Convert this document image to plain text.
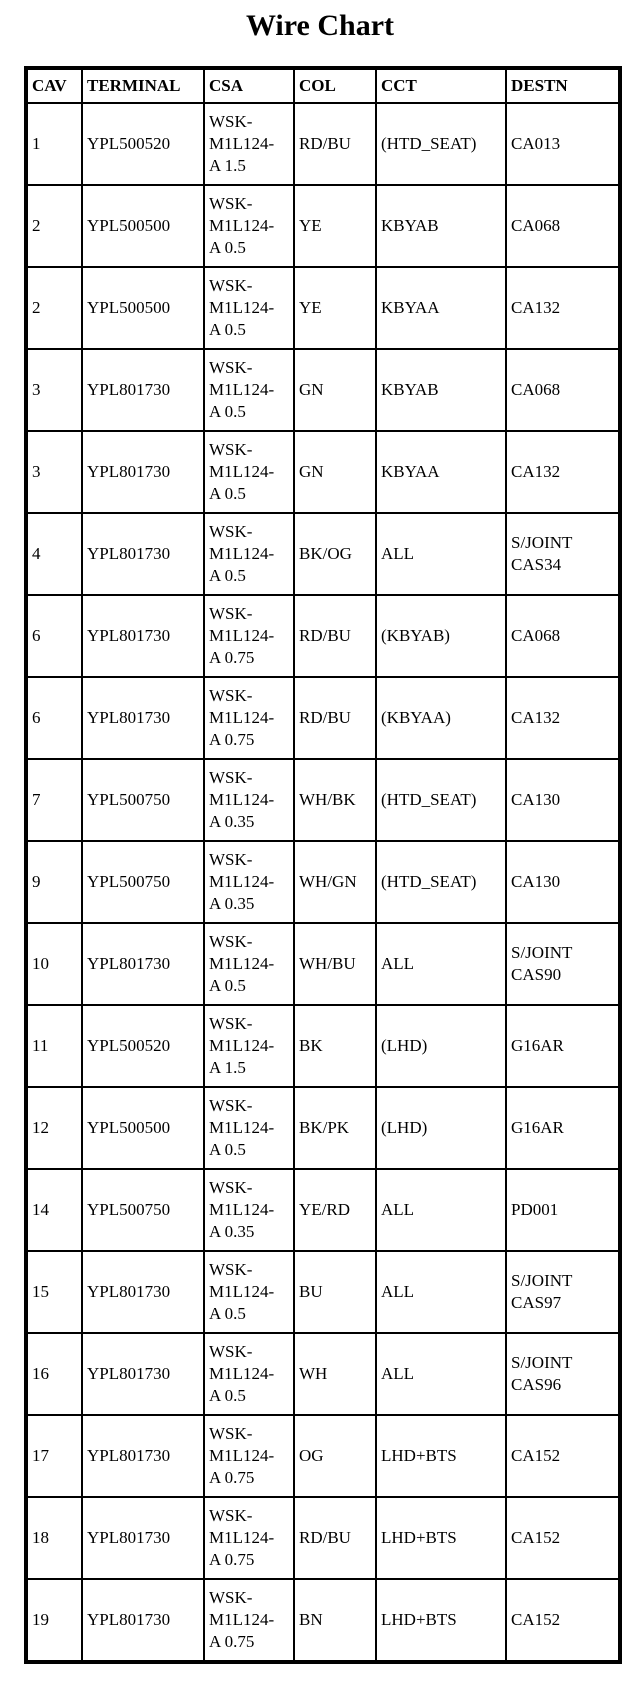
Wire Chart
CAV	TERMINAL	CSA	COL	CCT	DESTN
1	YPL500520	WSK-
M1L124-
A 1.5	RD/BU	(HTD_SEAT)	CA013

2	YPL500500	WSK-
M1L124-
A 0.5	YE	KBYAB	CA068

2	YPL500500	WSK-
M1L124-
A 0.5	YE	KBYAA	CA132

3	YPL801730	WSK-
M1L124-
A 0.5	GN	KBYAB	CA068

3	YPL801730	WSK-
M1L124-
A 0.5	GN	KBYAA	CA132

4	YPL801730	WSK-
M1L124-
A 0.5	BK/OG	ALL	S/JOINT
CAS34

6	YPL801730	WSK-
M1L124-
A 0.75	RD/BU	(KBYAB)	CA068

6	YPL801730	WSK-
M1L124-
A 0.75	RD/BU	(KBYAA)	CA132

7	YPL500750	WSK-
M1L124-
A 0.35	WH/BK	(HTD_SEAT)	CA130

9	YPL500750	WSK-
M1L124-
A 0.35	WH/GN	(HTD_SEAT)	CA130

10	YPL801730	WSK-
M1L124-
A 0.5	WH/BU	ALL	S/JOINT
CAS90

11	YPL500520	WSK-
M1L124-
A 1.5	BK	(LHD)	G16AR

12	YPL500500	WSK-
M1L124-
A 0.5	BK/PK	(LHD)	G16AR

14	YPL500750	WSK-
M1L124-
A 0.35	YE/RD	ALL	PD001

15	YPL801730	WSK-
M1L124-
A 0.5	BU	ALL	S/JOINT
CAS97

16	YPL801730	WSK-
M1L124-
A 0.5	WH	ALL	S/JOINT
CAS96

17	YPL801730	WSK-
M1L124-
A 0.75	OG	LHD+BTS	CA152

18	YPL801730	WSK-
M1L124-
A 0.75	RD/BU	LHD+BTS	CA152

19	YPL801730	WSK-
M1L124-
A 0.75	BN	LHD+BTS	CA152
